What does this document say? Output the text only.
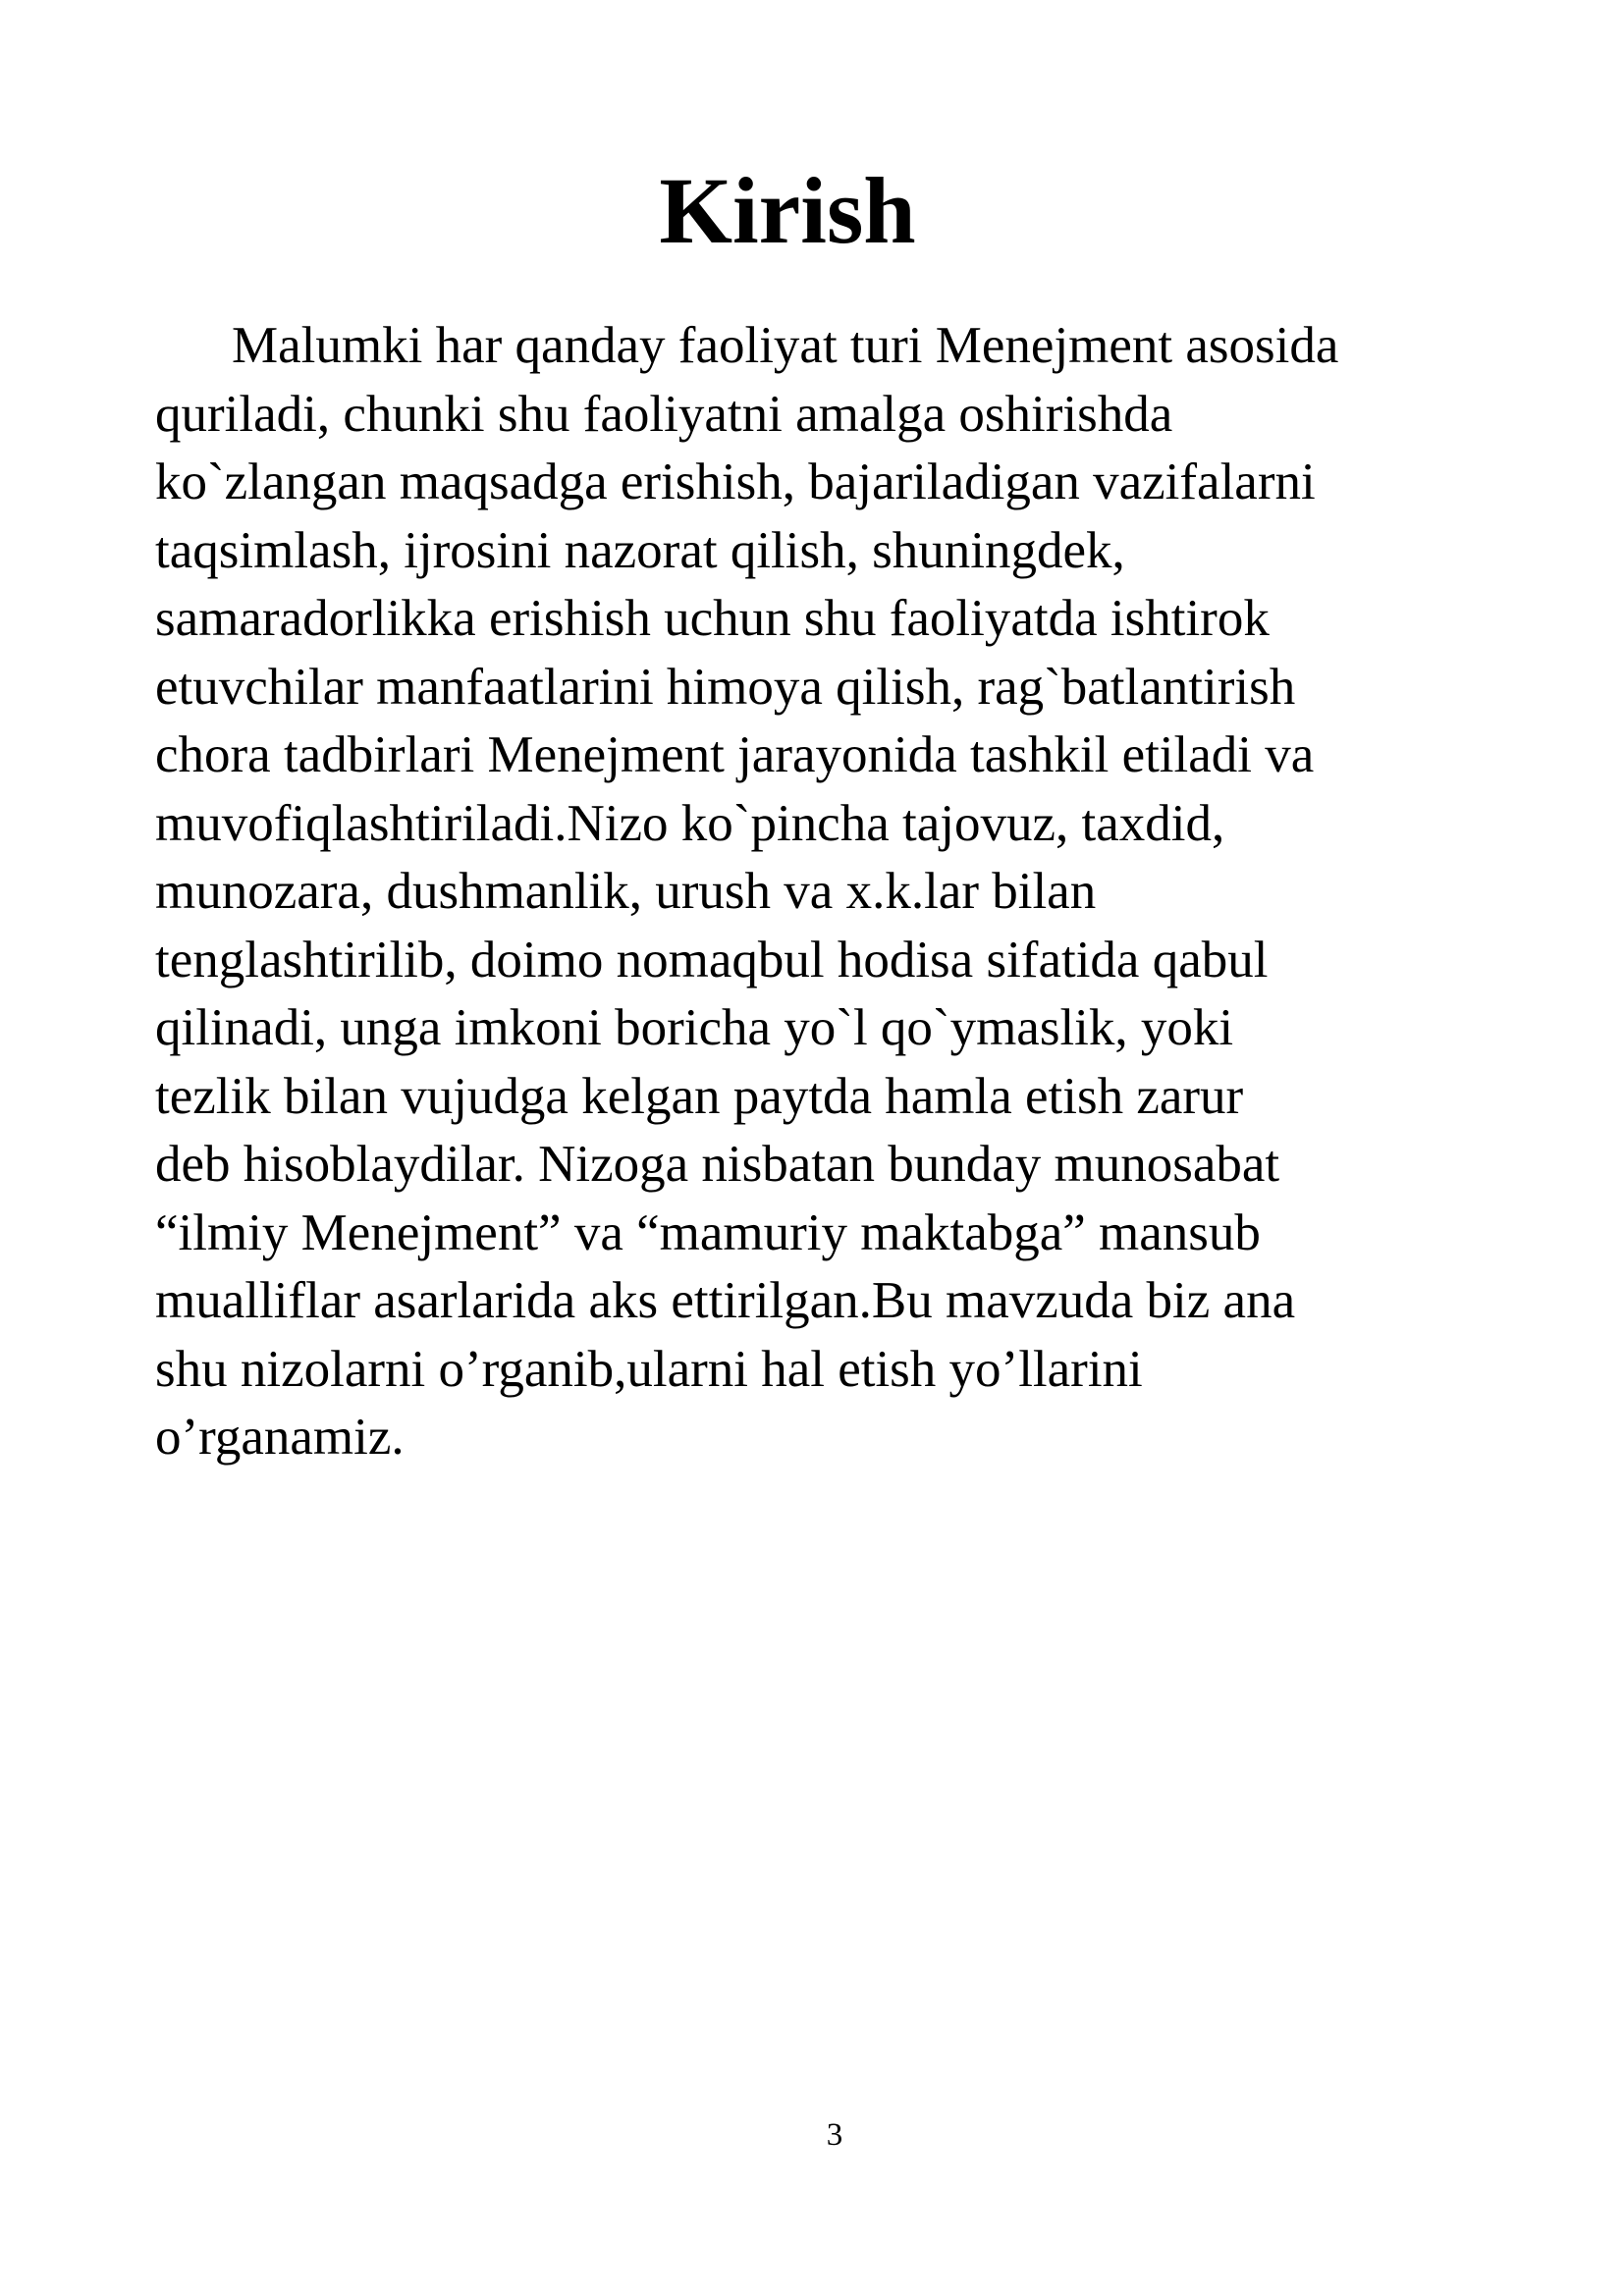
Kirish
Malumki har qanday faoliyat turi Menejment asosida
quriladi, chunki shu faoliyatni amalga oshirishda
ko`zlangan maqsadga erishish, bajariladigan vazifalarni
taqsimlash, ijrosini nazorat qilish, shuningdek,
samaradorlikka erishish uchun shu faoliyatda ishtirok
etuvchilar manfaatlarini himoya qilish, rag`batlantirish
chora tadbirlari Menejment jarayonida tashkil etiladi va
muvofiqlashtiriladi.Nizo ko`pincha tajovuz, taxdid,
munozara, dushmanlik, urush va x.k.lar bilan
tenglashtirilib, doimo nomaqbul hodisa sifatida qabul
qilinadi, unga imkoni boricha yo`l qo`ymaslik, yoki
tezlik bilan vujudga kelgan paytda hamla etish zarur
deb hisoblaydilar. Nizoga nisbatan bunday munosabat
“ilmiy Menejment” va “mamuriy maktabga” mansub
mualliflar asarlarida aks ettirilgan.Bu mavzuda biz ana
shu nizolarni o’rganib,ularni hal etish yo’llarini
o’rganamiz.
3
